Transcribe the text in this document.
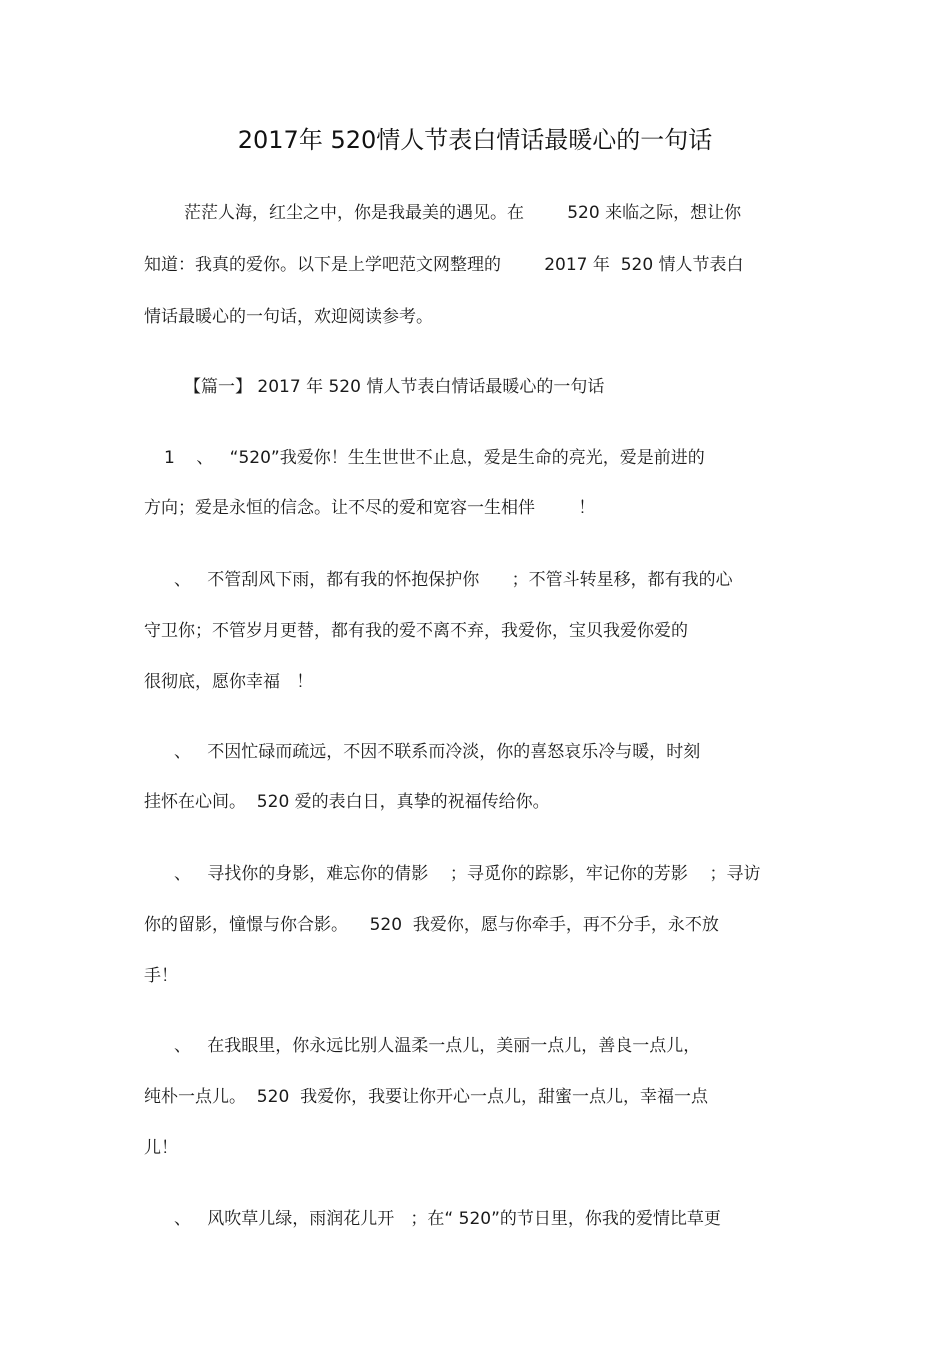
2017年 520情人节表白情话最暖心的一句话
茫茫人海，红尘之中，你是我最美的遇见。在        520 来临之际，想让你
知道：我真的爱你。以下是上学吧范文网整理的        2017 年  520 情人节表白
情话最暖心的一句话，欢迎阅读参考。
【篇一】 2017 年 520 情人节表白情话最暖心的一句话
1    、   “520”我爱你！生生世世不止息，爱是生命的亮光，爱是前进的
方向；爱是永恒的信念。让不尽的爱和宽容一生相伴        ！
、   不管刮风下雨，都有我的怀抱保护你      ；不管斗转星移，都有我的心
守卫你；不管岁月更替，都有我的爱不离不弃，我爱你，宝贝我爱你爱的
很彻底，愿你幸福   ！
、   不因忙碌而疏远，不因不联系而冷淡，你的喜怒哀乐冷与暖，时刻
挂怀在心间。  520 爱的表白日，真挚的祝福传给你。
、   寻找你的身影，难忘你的倩影    ；寻觅你的踪影，牢记你的芳影    ；寻访
你的留影，憧憬与你合影。    520  我爱你，愿与你牵手，再不分手，永不放
手！
、   在我眼里，你永远比别人温柔一点儿，美丽一点儿，善良一点儿，
纯朴一点儿。  520  我爱你，我要让你开心一点儿，甜蜜一点儿，幸福一点
儿！
、   风吹草儿绿，雨润花儿开   ；在“ 520”的节日里，你我的爱情比草更
